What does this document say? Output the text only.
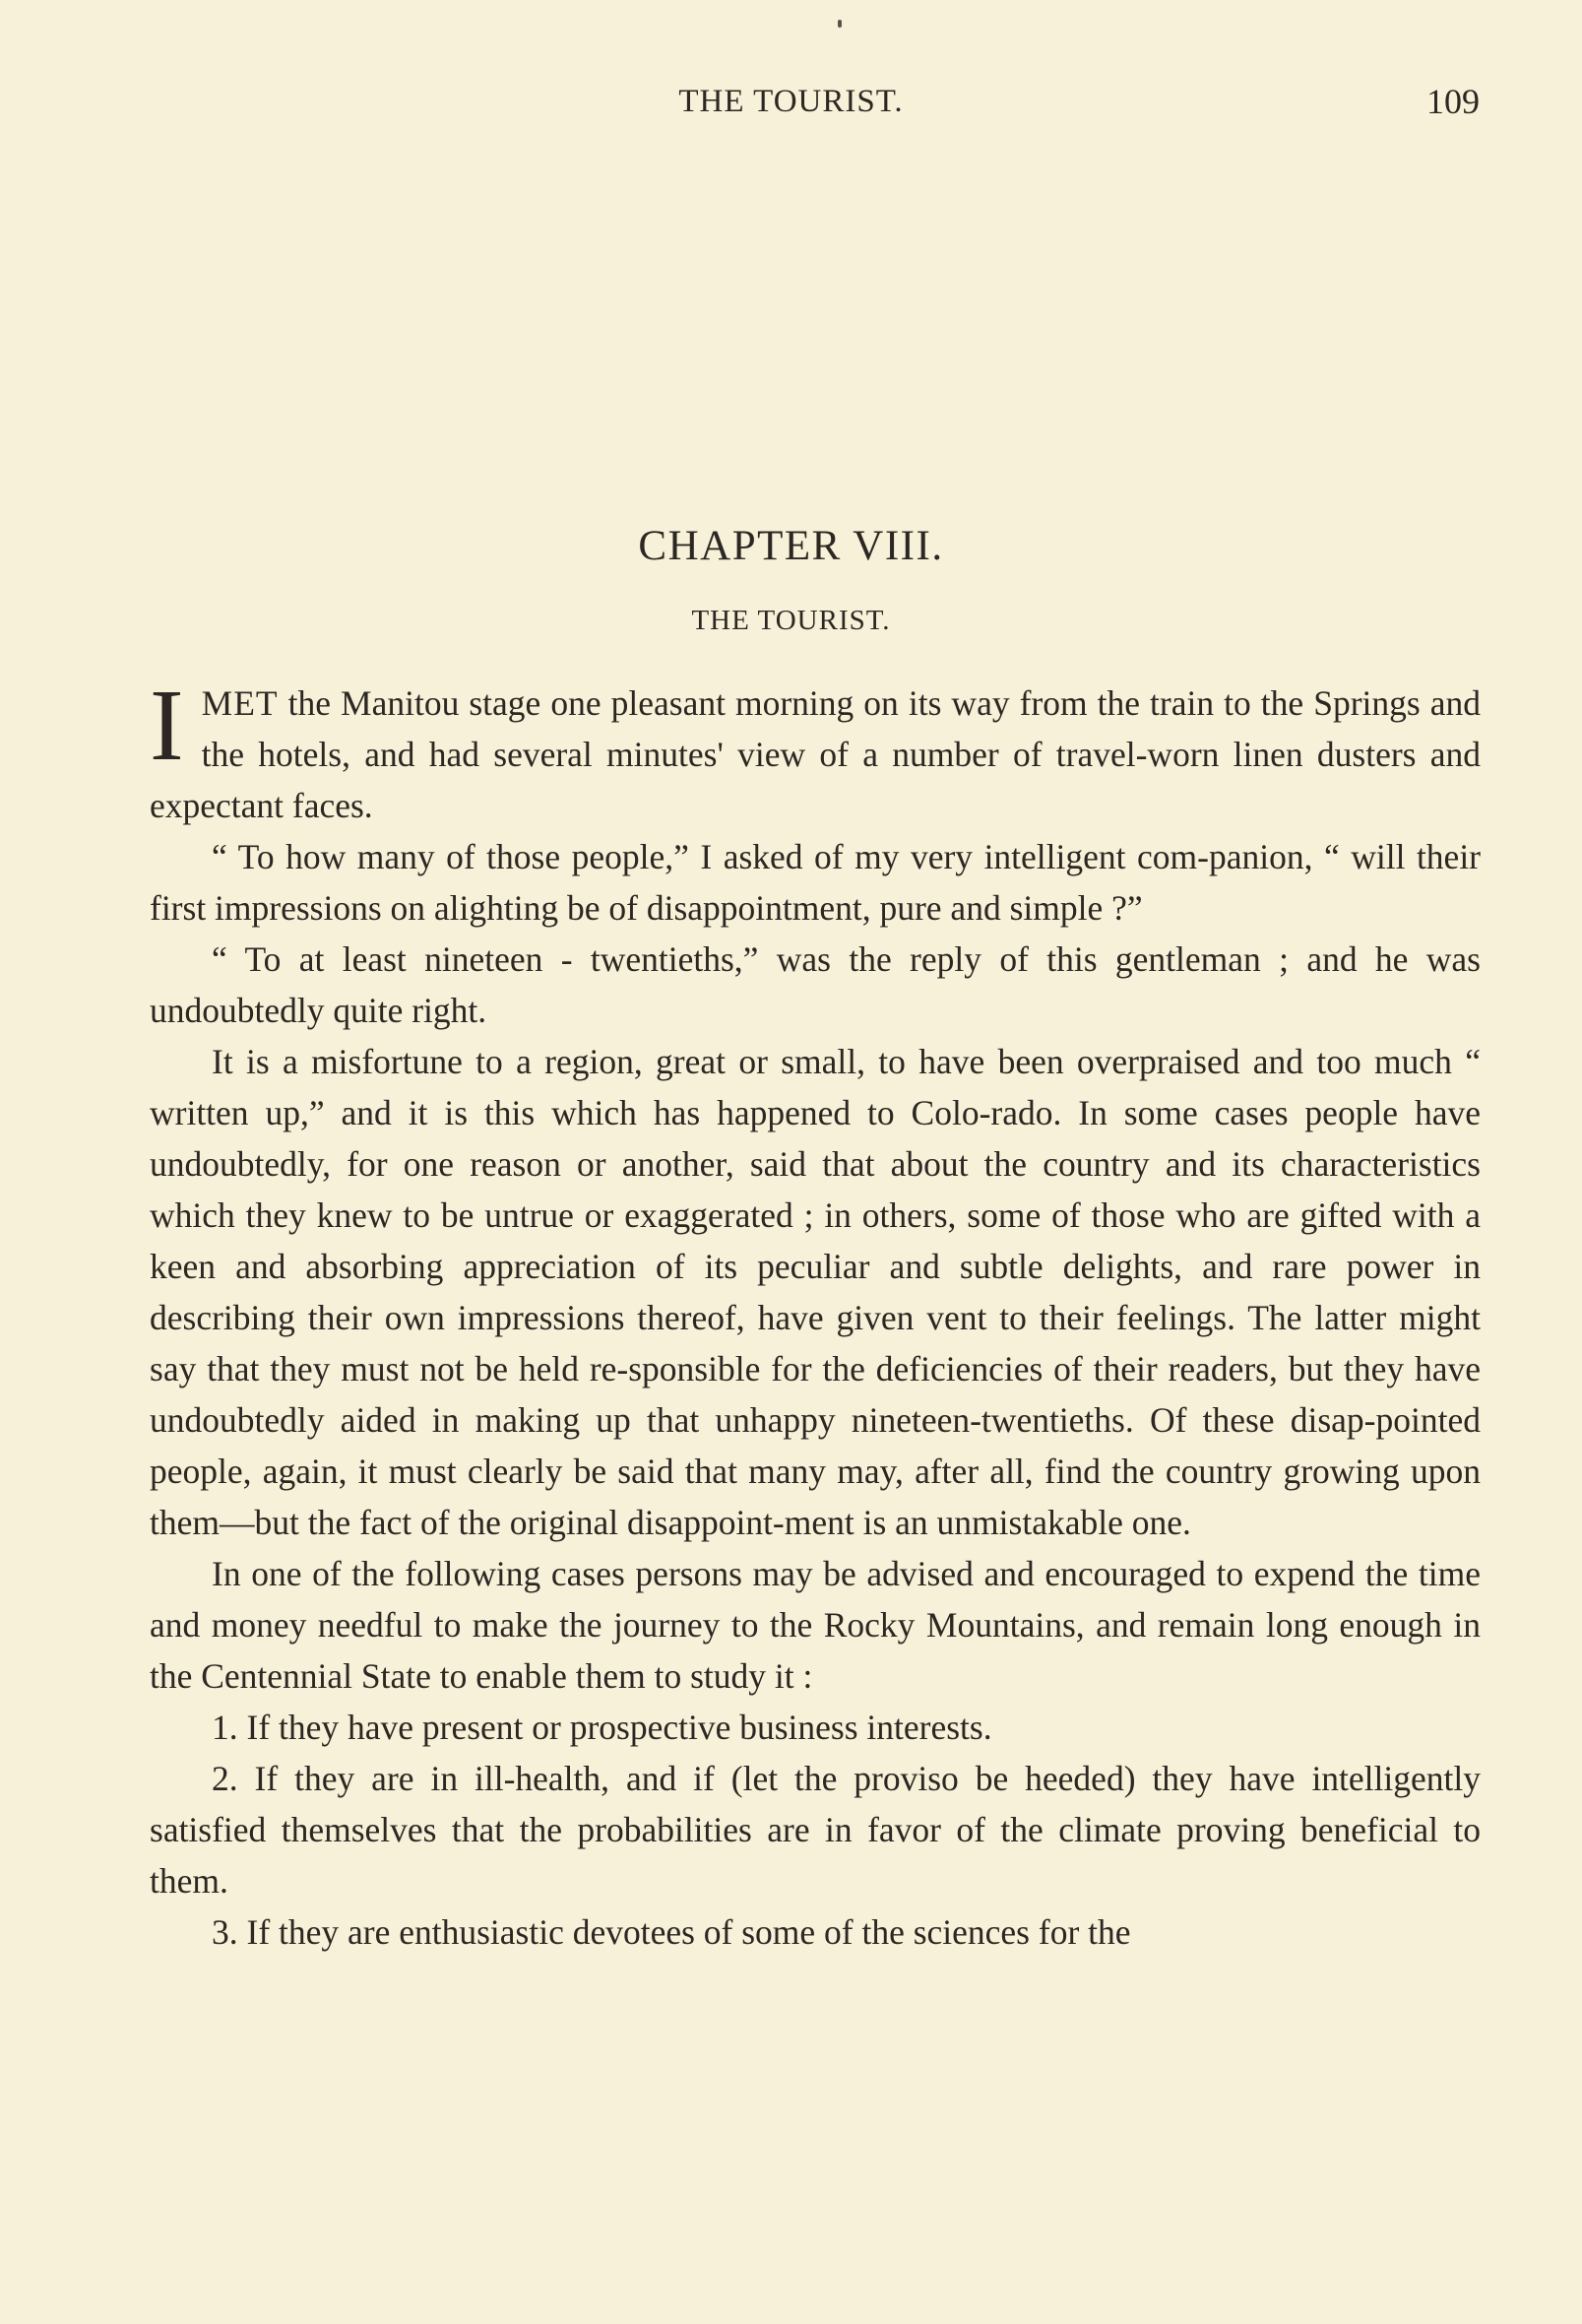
THE TOURIST.	109
CHAPTER VIII.
THE TOURIST.

IMET the Manitou stage one pleasant morning on its way from the train to the Springs and the hotels, and had several minutes' view of a number of travel-worn linen dusters and expectant faces.

“ To how many of those people,” I asked of my very intelligent com-panion, “ will their first impressions on alighting be of disappointment, pure and simple ?”

“ To at least nineteen - twentieths,” was the reply of this gentleman ; and he was undoubtedly quite right.

It is a misfortune to a region, great or small, to have been overpraised and too much “ written up,” and it is this which has happened to Colo-rado. In some cases people have undoubtedly, for one reason or another, said that about the country and its characteristics which they knew to be untrue or exaggerated ; in others, some of those who are gifted with a keen and absorbing appreciation of its peculiar and subtle delights, and rare power in describing their own impressions thereof, have given vent to their feelings. The latter might say that they must not be held re-sponsible for the deficiencies of their readers, but they have undoubtedly aided in making up that unhappy nineteen-twentieths. Of these disap-pointed people, again, it must clearly be said that many may, after all, find the country growing upon them—but the fact of the original disappoint-ment is an unmistakable one.

In one of the following cases persons may be advised and encouraged to expend the time and money needful to make the journey to the Rocky Mountains, and remain long enough in the Centennial State to enable them to study it :

1. If they have present or prospective business interests.

2. If they are in ill-health, and if (let the proviso be heeded) they have intelligently satisfied themselves that the probabilities are in favor of the climate proving beneficial to them.

3. If they are enthusiastic devotees of some of the sciences for the
